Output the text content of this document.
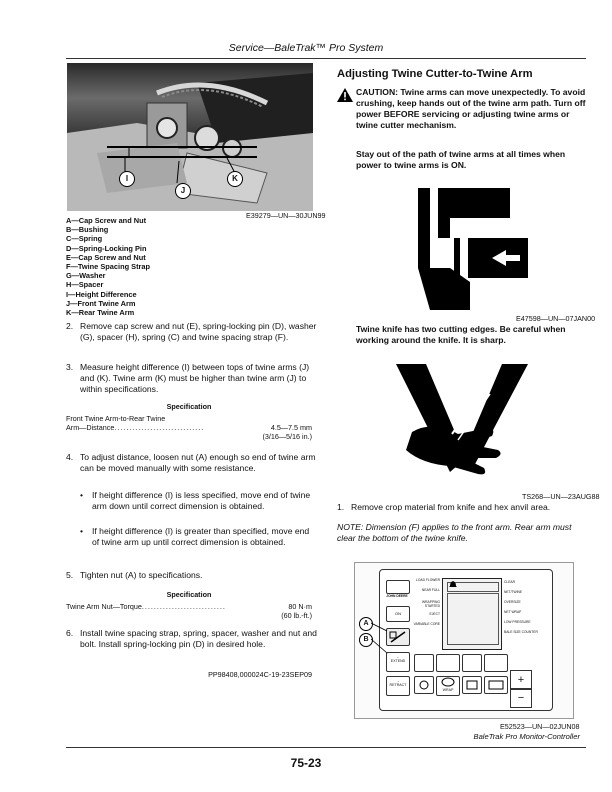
Service—BaleTrak™ Pro System
I
J
K
E39279—UN—30JUN99
A—Cap Screw and Nut
B—Bushing
C—Spring
D—Spring-Locking Pin
E—Cap Screw and Nut
F—Twine Spacing Strap
G—Washer
H—Spacer
I—Height Difference
J—Front Twine Arm
K—Rear Twine Arm
2. Remove cap screw and nut (E), spring-locking pin (D), washer (G), spacer (H), spring (C) and twine spacing strap (F).
3. Measure height difference (I) between tops of twine arms (J) and (K). Twine arm (K) must be higher than twine arm (J) to within specifications.
Specification
Front Twine Arm-to-Rear Twine
Arm—Distance ..............................	4.5—7.5 mm
(3/16—5/16 in.)
4. To adjust distance, loosen nut (A) enough so end of twine arm can be moved manually with some resistance.
•	If height difference (I) is less specified, move end of twine arm down until correct dimension is obtained.
•	If height difference (I) is greater than specified, move end of twine arm up until correct dimension is obtained.
5. Tighten nut (A) to specifications.
Specification
Twine Arm Nut—Torque ............................	80 N·m
(60 lb.-ft.)
6. Install twine spacing strap, spring, spacer, washer and nut and bolt. Install spring-locking pin (D) in desired hole.
PP98408,000024C-19-23SEP09
Adjusting Twine Cutter-to-Twine Arm
CAUTION: Twine arms can move unexpectedly. To avoid crushing, keep hands out of the twine arm path. Turn off power BEFORE servicing or adjusting twine arms or twine cutter mechanism.
Stay out of the path of twine arms at all times when power to twine arms is ON.
E47598—UN—07JAN00
Twine knife has two cutting edges. Be careful when working around the knife. It is sharp.
TS268—UN—23AUG88
1. Remove crop material from knife and hex anvil area.
NOTE: Dimension (F) applies to the front arm. Rear arm must clear the bottom of the twine knife.
LOAD FLOWER
NEAR FULL
WRAPPING STARTED
EJECT
VARIABLE CORE
CLEAR
NET/TWINE
OVERSIZE
NET WRAP
LOW PRESSURE
BALE SIZE COUNTER
JOHN DEERE
ON
←
EXTEND
→
RETRACT
WRAP
+
−
A
B
E52523—UN—02JUN08
BaleTrak Pro Monitor-Controller
75-23
